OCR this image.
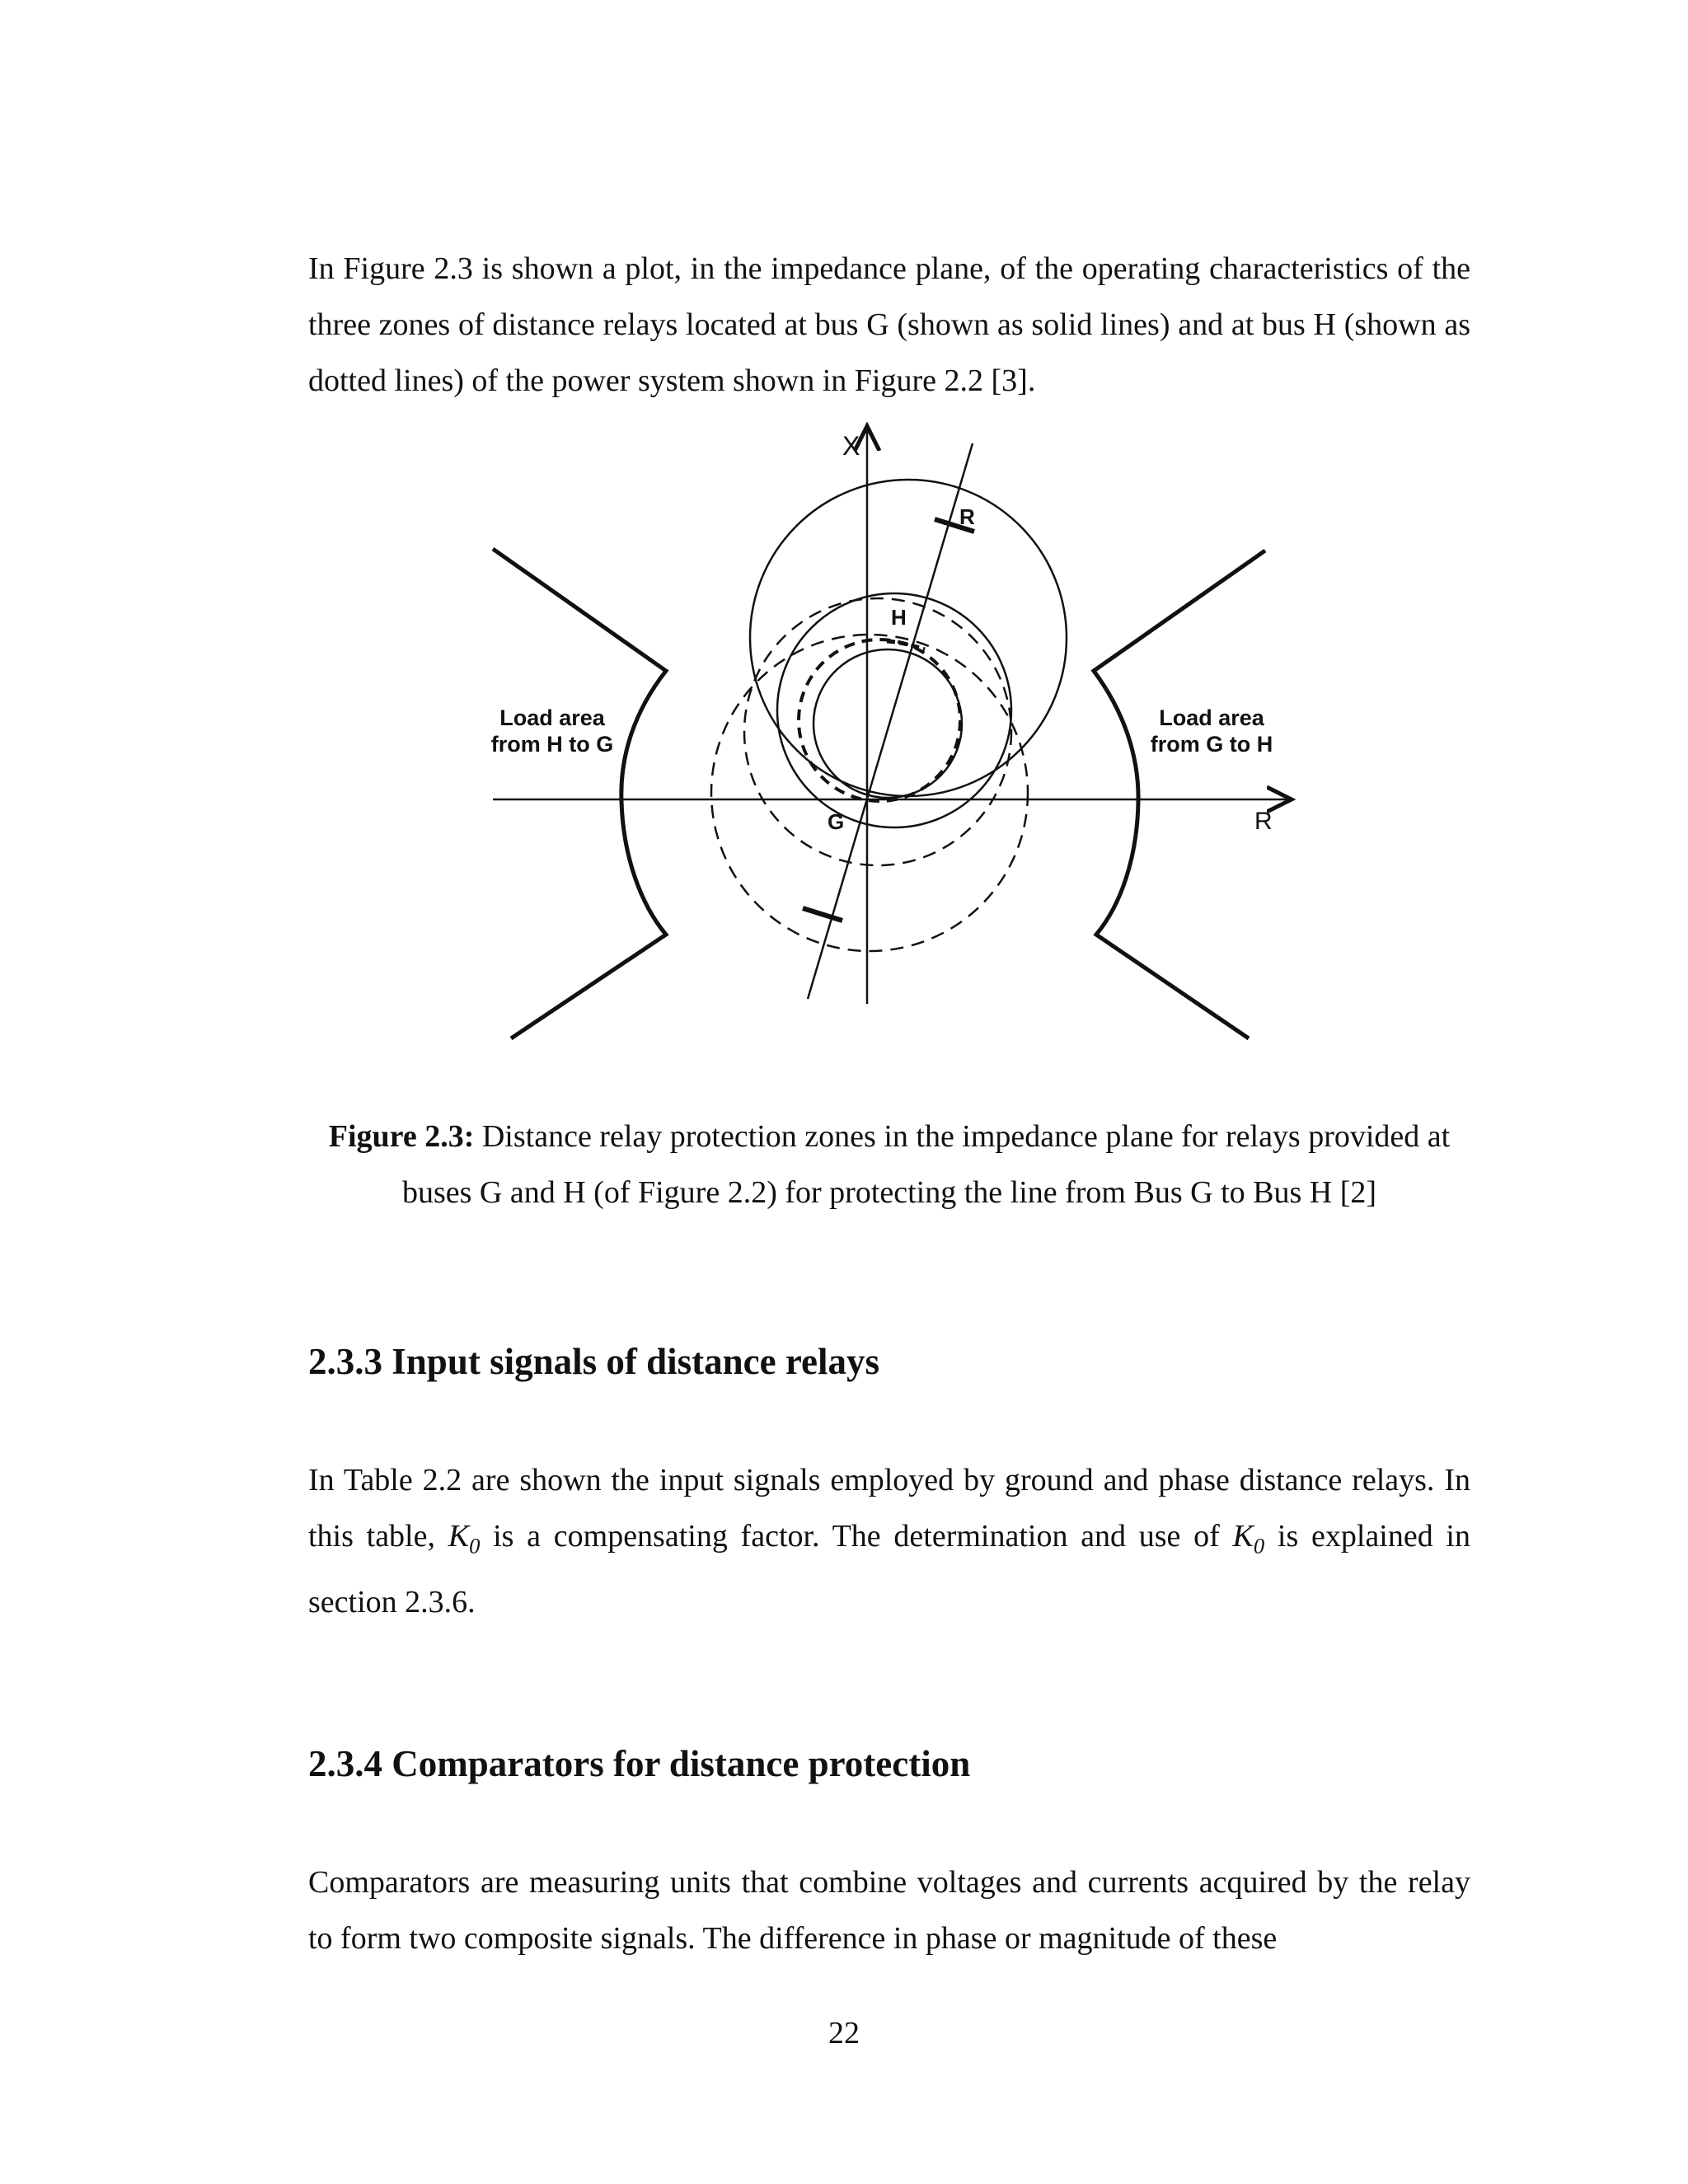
In Figure 2.3 is shown a plot, in the impedance plane, of the operating characteristics of the three zones of distance relays located at bus G (shown as solid lines) and at bus H (shown as dotted lines) of the power system shown in Figure 2.2 [3].

X
R
R
H
G
Load area
from H to G
Load area
from G to H

Figure 2.3: Distance relay protection zones in the impedance plane for relays provided at buses G and H (of Figure 2.2) for protecting the line from Bus G to Bus H [2]

2.3.3 Input signals of distance relays

In Table 2.2 are shown the input signals employed by ground and phase distance relays. In this table, $K_0$ is a compensating factor. The determination and use of $K_0$ is explained in section 2.3.6.

2.3.4 Comparators for distance protection

Comparators are measuring units that combine voltages and currents acquired by the relay to form two composite signals. The difference in phase or magnitude of these

22
